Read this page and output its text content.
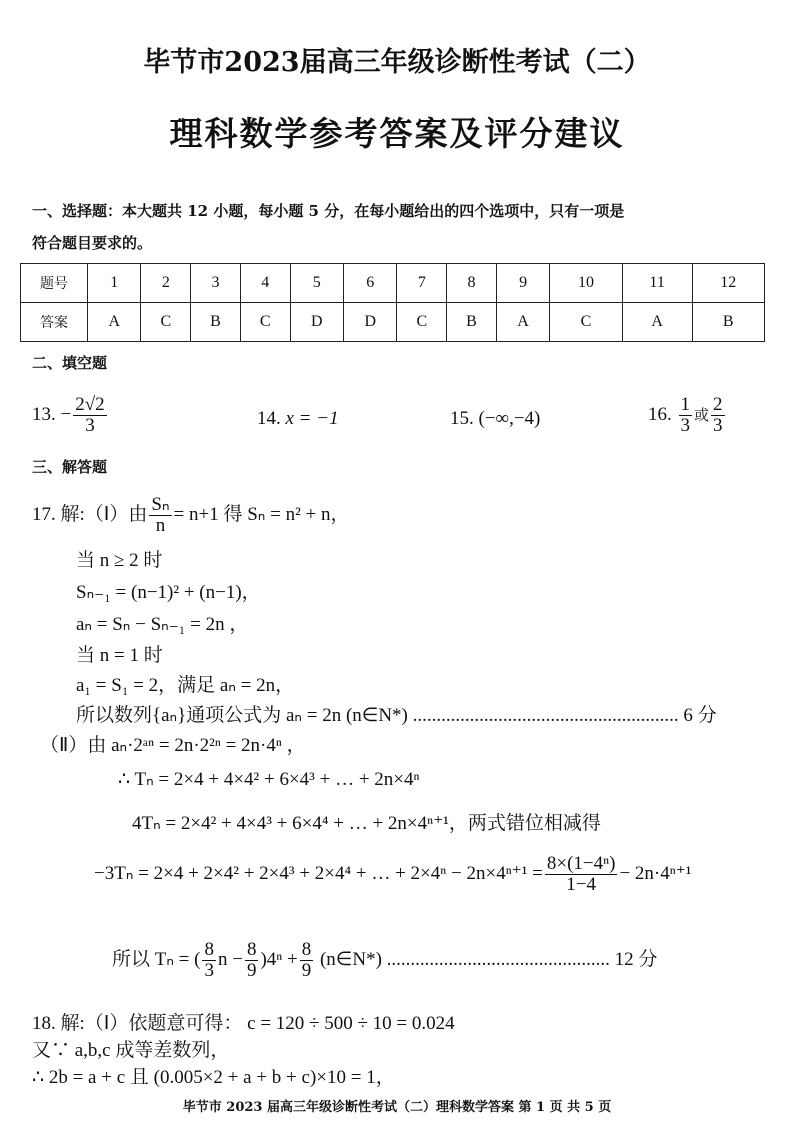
毕节市2023届高三年级诊断性考试（二）
理科数学参考答案及评分建议
一、选择题：本大题共 12 小题，每小题 5 分，在每小题给出的四个选项中，只有一项是
符合题目要求的。
题号	1	2	3	4	5	6	7	8	9	10	11	12
答案	A	C	B	C	D	D	C	B	A	C	A	B
二、填空题
13. − $\frac{2√2}{3}$	14. x = −1	15. (−∞,−4)	16. $\frac{1}{3}$ 或 $\frac{2}{3}$
三、解答题
17. 解:（Ⅰ）由 $\frac{\text{Sₙ}}{n} = n+1$ 得 Sₙ = n² + n，
当 n ≥ 2 时
Sₙ₋₁ = (n−1)² + (n−1)，
aₙ = Sₙ − Sₙ₋₁ = 2n ，
当 n = 1 时
a₁ = S₁ = 2，满足 aₙ = 2n，
所以数列{aₙ}通项公式为 aₙ = 2n (n∈N*) ........................................................ 6 分
（Ⅱ）由 aₙ·2ᵃⁿ = 2n·2²ⁿ = 2n·4ⁿ ，
∴ Tₙ = 2×4 + 4×4² + 6×4³ + … + 2n×4ⁿ
4Tₙ = 2×4² + 4×4³ + 6×4⁴ + … + 2n×4ⁿ⁺¹，两式错位相减得
−3Tₙ = 2×4 + 2×4² + 2×4³ + 2×4⁴ + … + $2\times 4^n - 2n\times 4^{n+1} = \frac{\text{8×(1−4ⁿ)}}{1-4} - 2n\cdot 4^{n+1}$
所以 Tₙ = ( $\frac{8}{3}$ $n - \frac{8}{9} )4^n + \frac{8}{9}$ (n∈N*) ............................................... 12 分
18. 解:（Ⅰ）依题意可得： c = 120 ÷ 500 ÷ 10 = 0.024
又∵ a,b,c 成等差数列，
∴ 2b = a + c 且 (0.005×2 + a + b + c)×10 = 1，
毕节市 2023 届高三年级诊断性考试（二）理科数学答案 第 1 页 共 5 页
